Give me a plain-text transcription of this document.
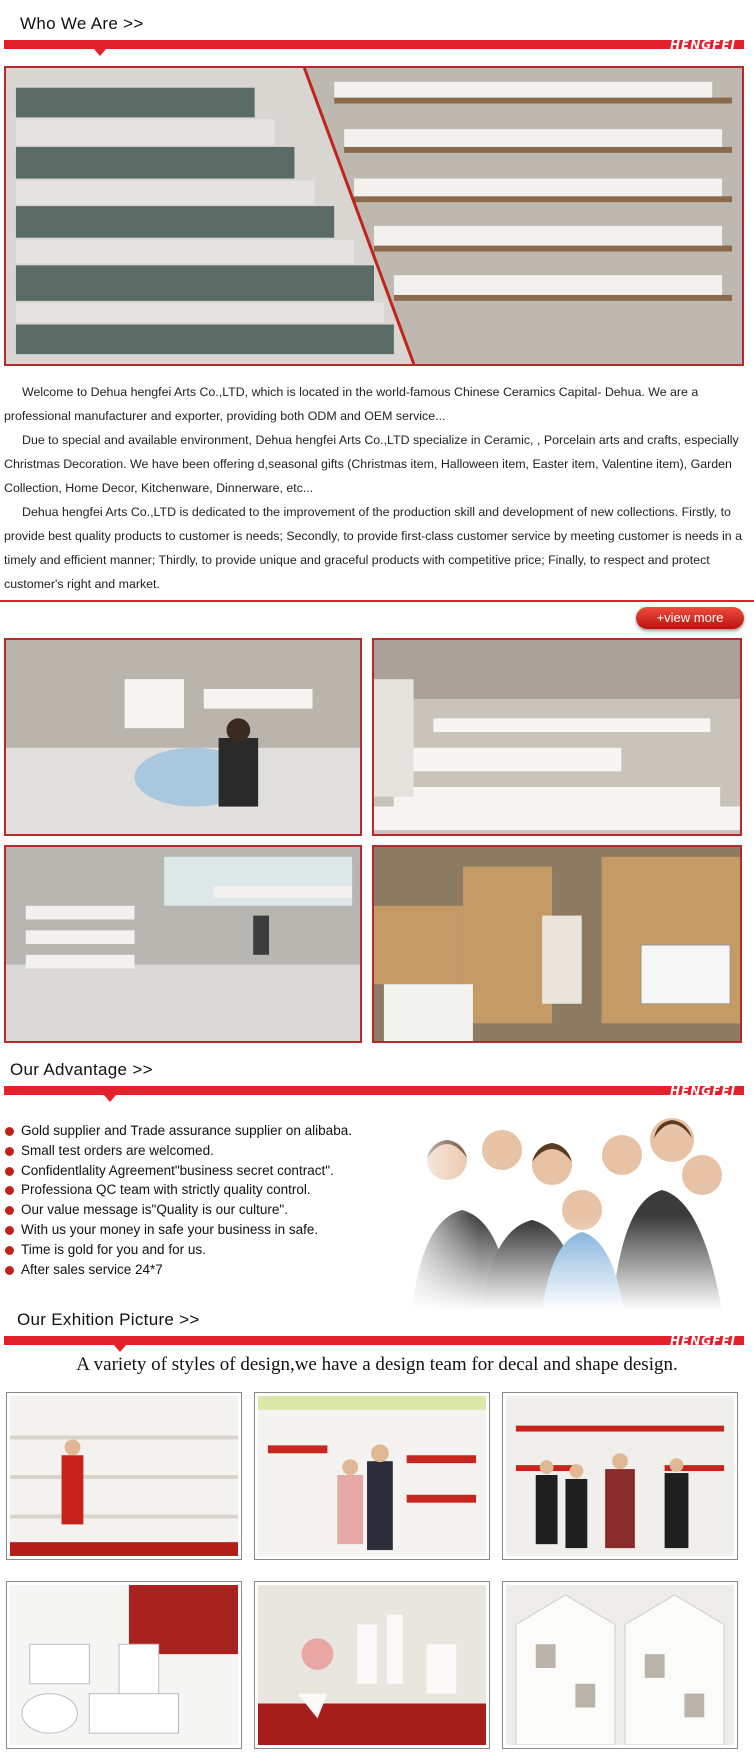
Who We Are >>
HENGFEI

Welcome to Dehua hengfei Arts Co.,LTD, which is located in the world-famous Chinese Ceramics Capital- Dehua. We are a professional manufacturer and exporter, providing both ODM and OEM service...

Due to special and available environment, Dehua hengfei Arts Co.,LTD specialize in Ceramic, , Porcelain arts and crafts, especially Christmas Decoration. We have been offering d,seasonal gifts (Christmas item, Halloween item, Easter item, Valentine item), Garden Collection, Home Decor, Kitchenware, Dinnerware, etc...

Dehua hengfei Arts Co.,LTD is dedicated to the improvement of the production skill and development of new collections. Firstly, to provide best quality products to customer is needs; Secondly, to provide first-class customer service by meeting customer is needs in a timely and efficient manner; Thirdly, to provide unique and graceful products with competitive price; Finally, to respect and protect customer's right and market.

+view more
Our Advantage >>
HENGFEI
Gold supplier and Trade assurance supplier on alibaba.
Small test orders are welcomed.
Confidentlality Agreement"business secret contract".
Professiona QC team with strictly quality control.
Our value message is"Quality is our culture".
With us your money in safe your business in safe.
Time is gold for you and for us.
After sales service 24*7
Our Exhition Picture >>
HENGFEI
A variety of styles of design,we have a design team for decal and shape design.
